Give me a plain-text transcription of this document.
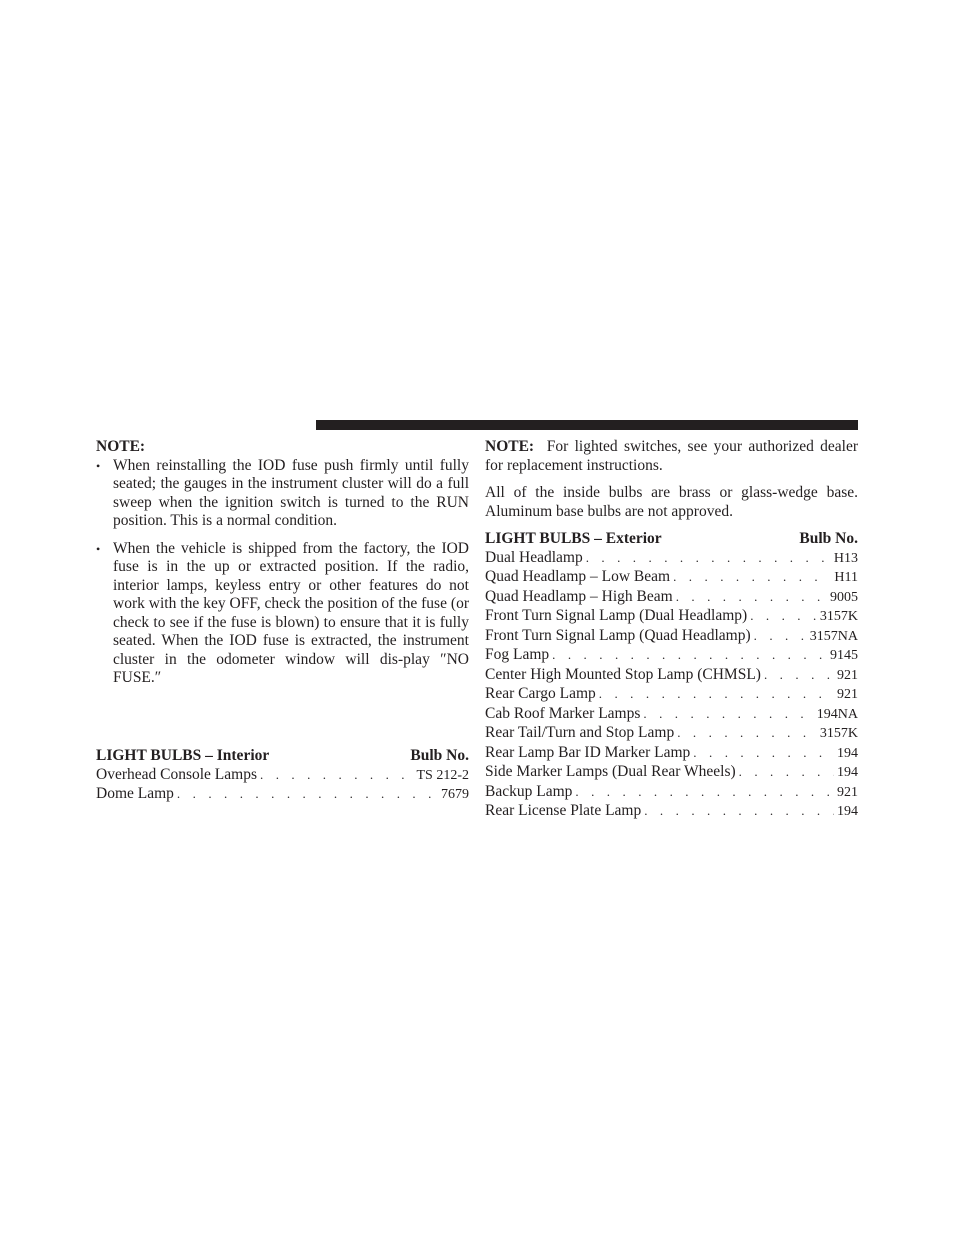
NOTE:

• When reinstalling the IOD fuse push firmly until fully seated; the gauges in the instrument cluster will do a full sweep when the ignition switch is turned to the RUN position. This is a normal condition.
• When the vehicle is shipped from the factory, the IOD fuse is in the up or extracted position. If the radio, interior lamps, keyless entry or other features do not work with the key OFF, check the position of the fuse (or check to see if the fuse is blown) to ensure that it is fully seated. When the IOD fuse is extracted, the instrument cluster in the odometer window will dis-play ″NO FUSE.″
LIGHT BULBS – Interior	Bulb No.
Overhead Console Lamps . . .	TS 212-2
Dome Lamp . . .	7679

NOTE: For lighted switches, see your authorized dealer for replacement instructions.

All of the inside bulbs are brass or glass-wedge base. Aluminum base bulbs are not approved.

LIGHT BULBS – Exterior	Bulb No.
Dual Headlamp . . .	H13
Quad Headlamp – Low Beam . . .	H11
Quad Headlamp – High Beam . . .	9005
Front Turn Signal Lamp (Dual Headlamp) . . .	3157K
Front Turn Signal Lamp (Quad Headlamp) . . .	3157NA
Fog Lamp . . .	9145
Center High Mounted Stop Lamp (CHMSL) . . .	921
Rear Cargo Lamp . . .	921
Cab Roof Marker Lamps . . .	194NA
Rear Tail/Turn and Stop Lamp . . .	3157K
Rear Lamp Bar ID Marker Lamp . . .	194
Side Marker Lamps (Dual Rear Wheels) . . .	194
Backup Lamp . . .	921
Rear License Plate Lamp . . .	194
